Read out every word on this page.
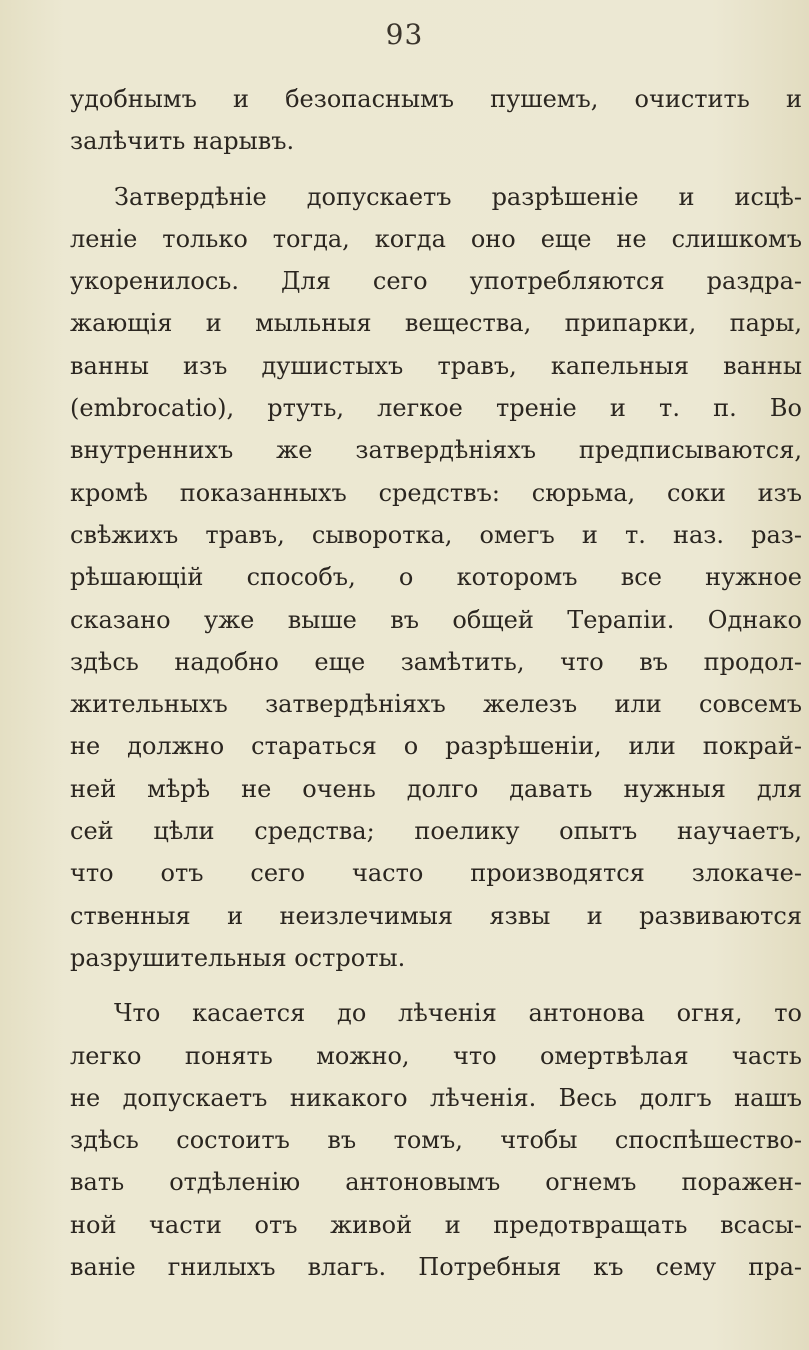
93
удобнымъ и безопаснымъ пушемъ, очистить и
залѣчить нарывъ.
Затвердѣніе допускаетъ разрѣшеніе и исцѣ-
леніе только тогда, когда оно еще не слишкомъ
укоренилось. Для сего употребляются раздра-
жающія и мыльныя вещества, припарки, пары,
ванны изъ душистыхъ травъ, капельныя ванны
(embrocatio), ртуть, легкое треніе и т. п. Во
внутреннихъ же затвердѣніяхъ предписываются,
кромѣ показанныхъ средствъ: сюрьма, соки изъ
свѣжихъ травъ, сыворотка, омегъ и т. наз. раз-
рѣшающій способъ, о которомъ все нужное
сказано уже выше въ общей Терапіи. Однако
здѣсь надобно еще замѣтить, что въ продол-
жительныхъ затвердѣніяхъ железъ или совсемъ
не должно стараться о разрѣшеніи, или покрай-
ней мѣрѣ не очень долго давать нужныя для
сей цѣли средства; поелику опытъ научаетъ,
что отъ сего часто производятся злокаче-
ственныя и неизлечимыя язвы и развиваются
разрушительныя остроты.
Что касается до лѣченія антонова огня, то
легко понять можно, что омертвѣлая часть
не допускаетъ никакого лѣченія. Весь долгъ нашъ
здѣсь состоитъ въ томъ, чтобы споспѣшество-
вать отдѣленію антоновымъ огнемъ поражен-
ной части отъ живой и предотвращать всасы-
ваніе гнилыхъ влагъ. Потребныя къ сему пра-
